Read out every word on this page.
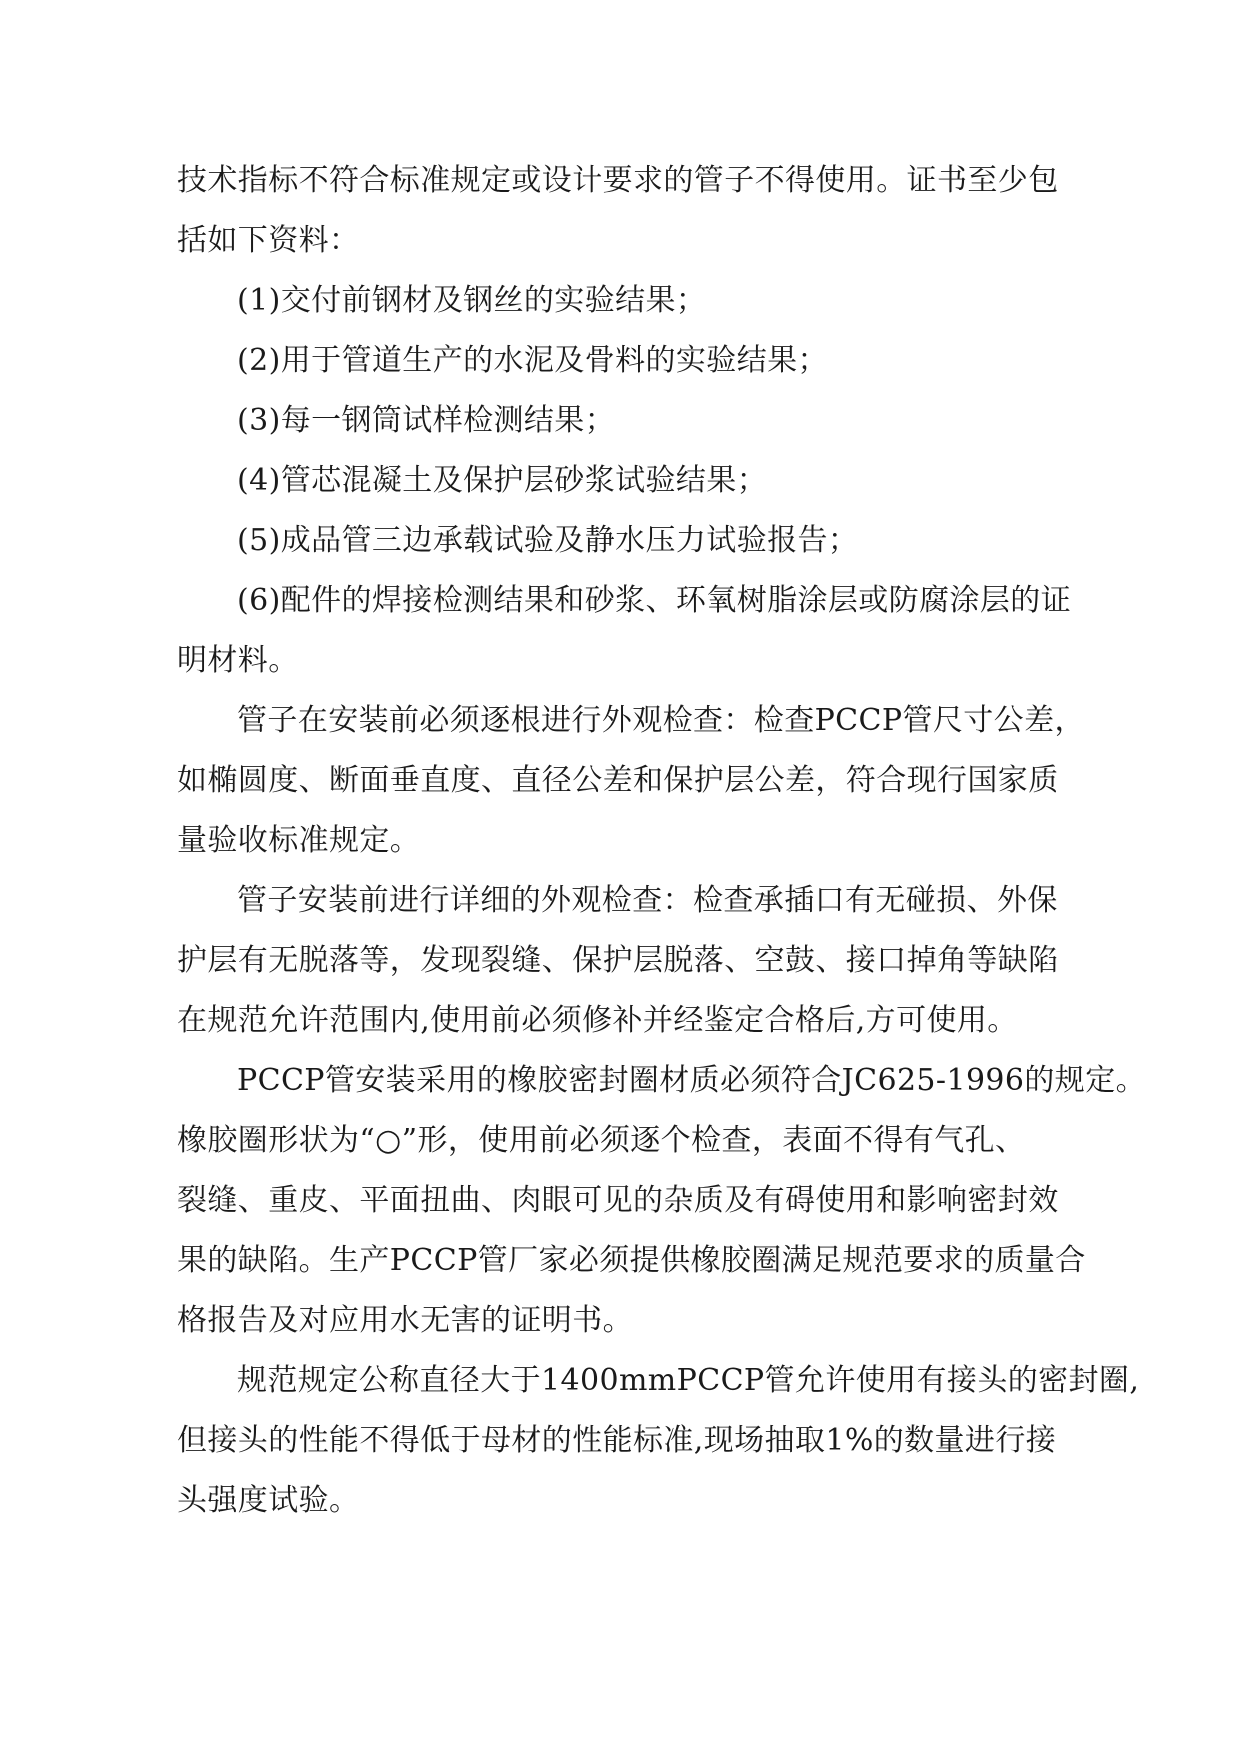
技术指标不符合标准规定或设计要求的管子不得使用。证书至少包
括如下资料：
(1)交付前钢材及钢丝的实验结果；
(2)用于管道生产的水泥及骨料的实验结果；
(3)每一钢筒试样检测结果；
(4)管芯混凝土及保护层砂浆试验结果；
(5)成品管三边承载试验及静水压力试验报告；
(6)配件的焊接检测结果和砂浆、环氧树脂涂层或防腐涂层的证
明材料。
管子在安装前必须逐根进行外观检查：检查PCCP管尺寸公差，
如椭圆度、断面垂直度、直径公差和保护层公差，符合现行国家质
量验收标准规定。
管子安装前进行详细的外观检查：检查承插口有无碰损、外保
护层有无脱落等，发现裂缝、保护层脱落、空鼓、接口掉角等缺陷
在规范允许范围内,使用前必须修补并经鉴定合格后,方可使用。
PCCP管安装采用的橡胶密封圈材质必须符合JC625-1996的规定。
橡胶圈形状为“○”形，使用前必须逐个检查，表面不得有气孔、
裂缝、重皮、平面扭曲、肉眼可见的杂质及有碍使用和影响密封效
果的缺陷。生产PCCP管厂家必须提供橡胶圈满足规范要求的质量合
格报告及对应用水无害的证明书。
规范规定公称直径大于1400mmPCCP管允许使用有接头的密封圈,
但接头的性能不得低于母材的性能标准,现场抽取1%的数量进行接
头强度试验。
